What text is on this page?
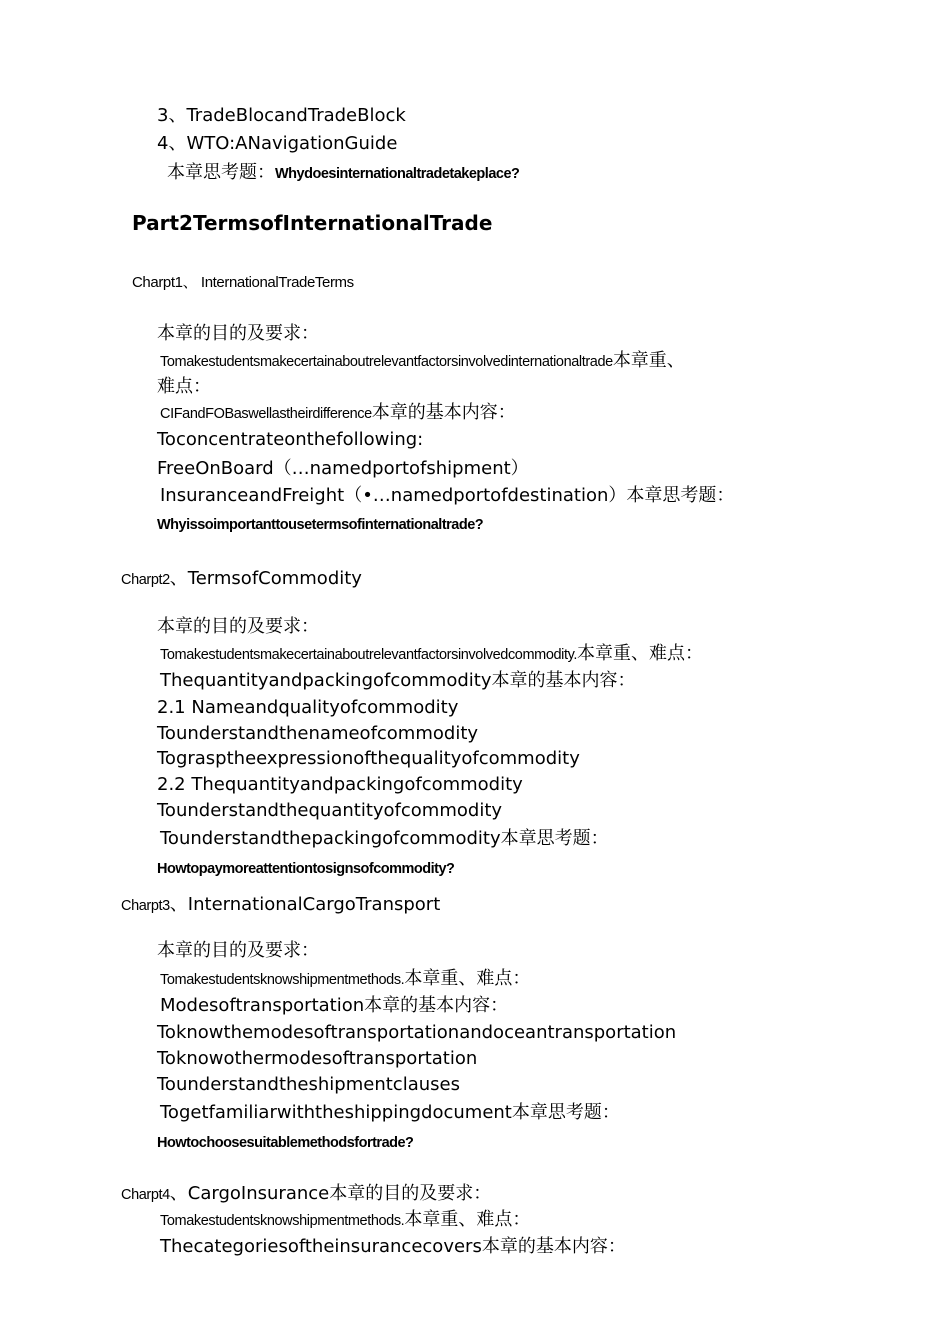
3、TradeBlocandTradeBlock
4、WTO:ANavigationGuide
本章思考题：Whydoesinternationaltradetakeplace?
Part2TermsofInternationalTrade
Charpt1、 InternationalTradeTerms
本章的目的及要求：
Tomakestudentsmakecertainaboutrelevantfactorsinvolvedinternationaltrade本章重、
难点：
CIFandFOBaswellastheirdifference本章的基本内容：
Toconcentrateonthefollowing:
FreeOnBoard（…namedportofshipment）
InsuranceandFreight（•…namedportofdestination）本章思考题：
Whyissoimportanttousetermsofinternationaltrade?
Charpt2、TermsofCommodity
本章的目的及要求：
Tomakestudentsmakecertainaboutrelevantfactorsinvolvedcommodity.本章重、难点：
Thequantityandpackingofcommodity本章的基本内容：
2.1 Nameandqualityofcommodity
Tounderstandthenameofcommodity
Tograsptheexpressionofthequalityofcommodity
2.2 Thequantityandpackingofcommodity
Tounderstandthequantityofcommodity
Tounderstandthepackingofcommodity本章思考题：
Howtopaymoreattentiontosignsofcommodity?
Charpt3、InternationalCargoTransport
本章的目的及要求：
Tomakestudentsknowshipmentmethods.本章重、难点：
Modesoftransportation本章的基本内容：
Toknowthemodesoftransportationandoceantransportation
Toknowothermodesoftransportation
Tounderstandtheshipmentclauses
Togetfamiliarwiththeshippingdocument本章思考题：
Howtochoosesuitablemethodsfortrade?
Charpt4、CargoInsurance本章的目的及要求：
Tomakestudentsknowshipmentmethods.本章重、难点：
Thecategoriesoftheinsurancecovers本章的基本内容：
